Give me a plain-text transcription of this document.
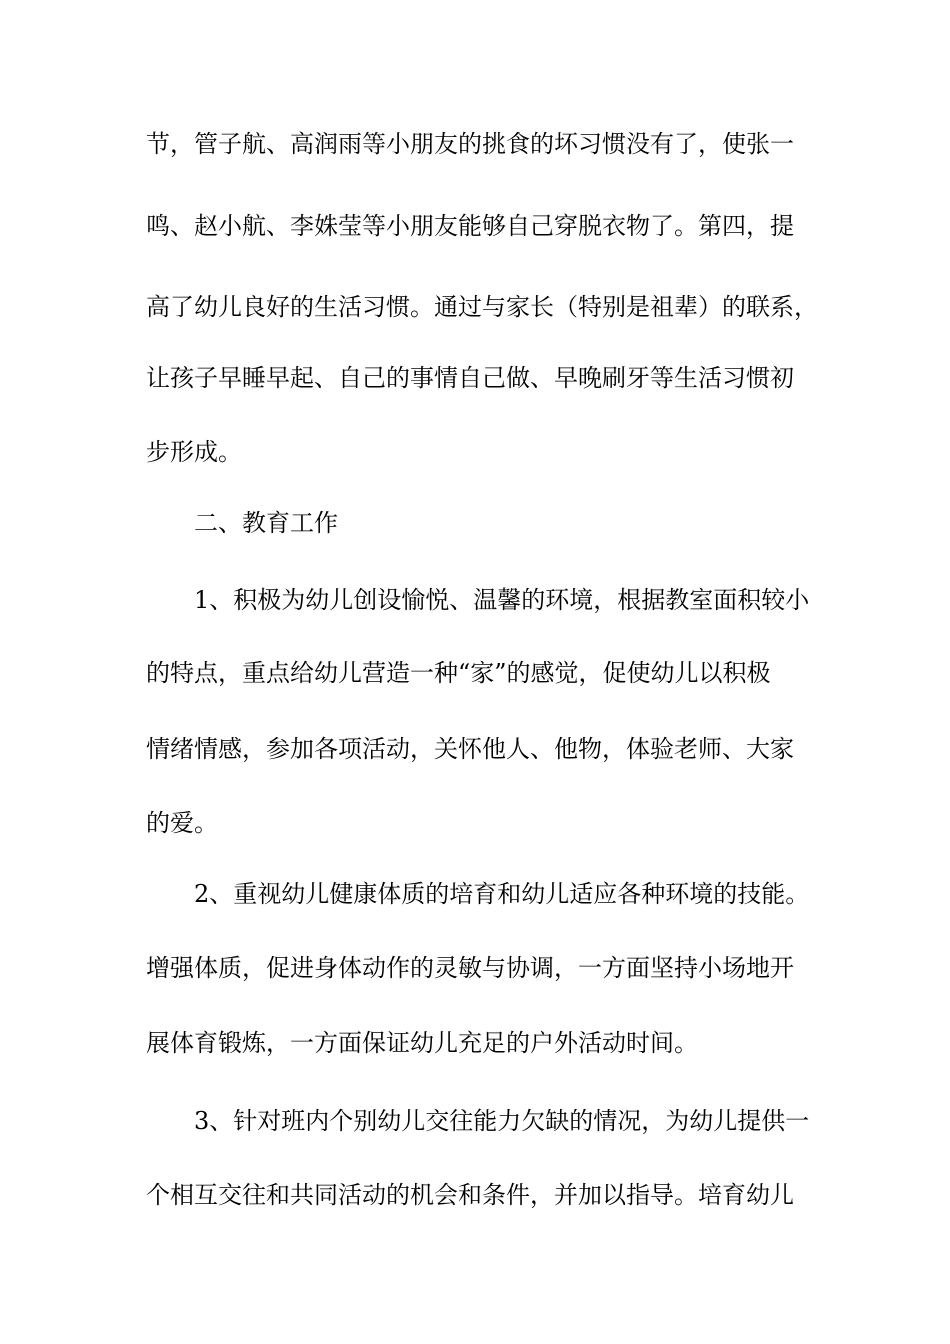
节，管子航、高润雨等小朋友的挑食的坏习惯没有了，使张一
鸣、赵小航、李姝莹等小朋友能够自己穿脱衣物了。第四，提
高了幼儿良好的生活习惯。通过与家长（特别是祖辈）的联系，
让孩子早睡早起、自己的事情自己做、早晚刷牙等生活习惯初
步形成。
二、教育工作
1、积极为幼儿创设愉悦、温馨的环境，根据教室面积较小
的特点，重点给幼儿营造一种“家”的感觉，促使幼儿以积极
情绪情感，参加各项活动，关怀他人、他物，体验老师、大家
的爱。
2、重视幼儿健康体质的培育和幼儿适应各种环境的技能。
增强体质，促进身体动作的灵敏与协调，一方面坚持小场地开
展体育锻炼，一方面保证幼儿充足的户外活动时间。
3、针对班内个别幼儿交往能力欠缺的情况，为幼儿提供一
个相互交往和共同活动的机会和条件，并加以指导。培育幼儿
